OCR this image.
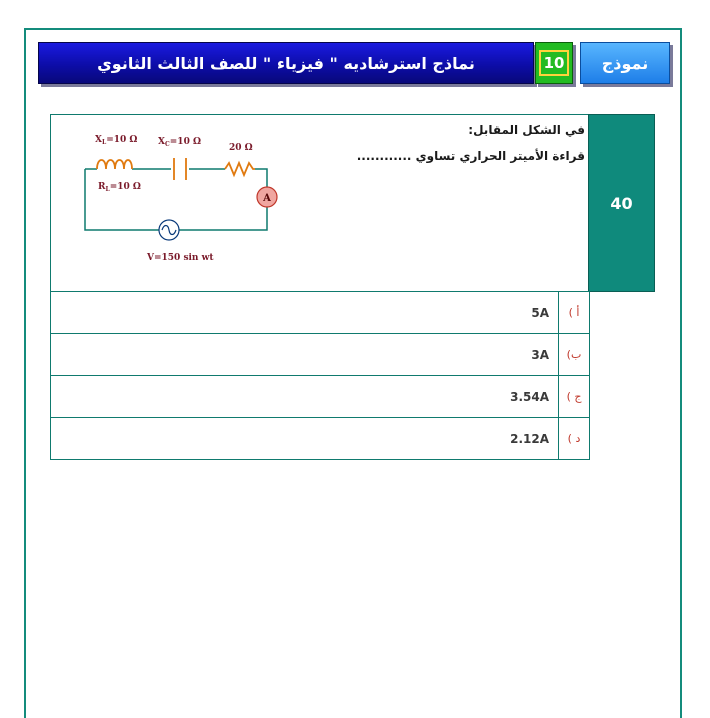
نماذج استرشاديه " فيزياء " للصف الثالث الثانوي	10	نموذج
في الشكل المقابل:
قراءة الأميتر الحراري تساوي ............
40
A
$X_L=10$ Ω $X_C=10$ Ω
20 Ω
$R_L=10$ Ω
V=150 sin wt
5A	أ )
3A	ب)
3.54A	ج )
2.12A	د )
